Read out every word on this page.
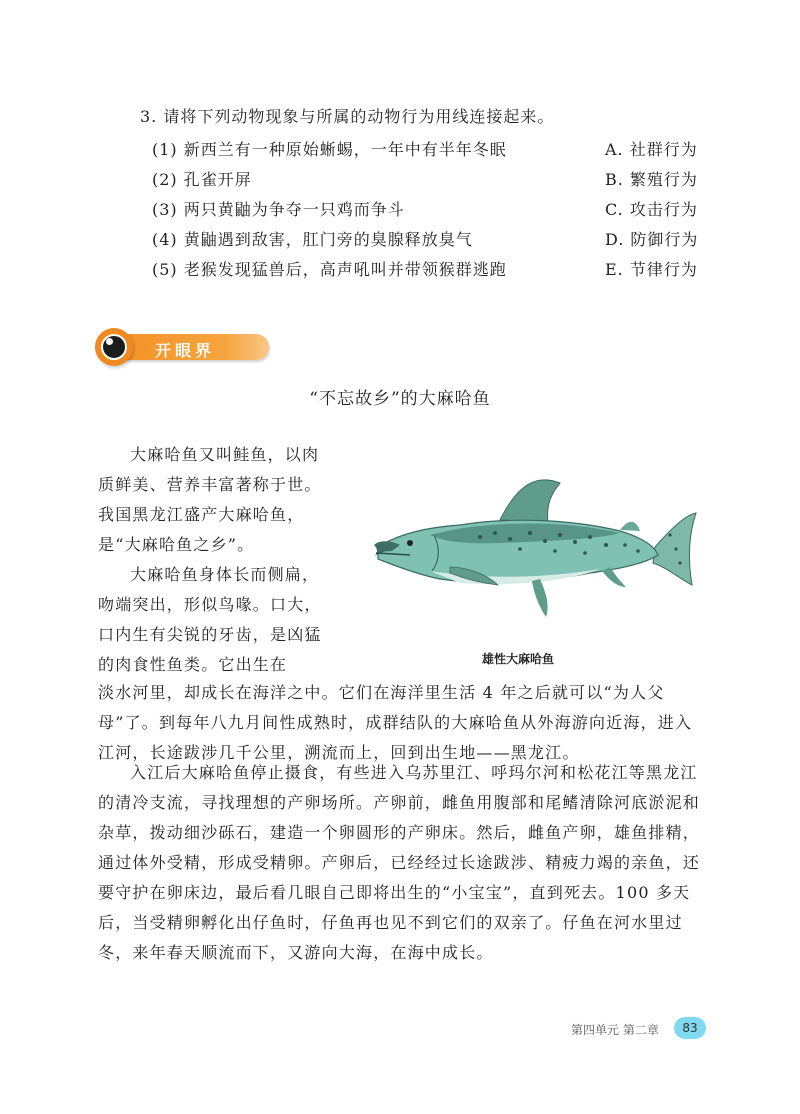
3. 请将下列动物现象与所属的动物行为用线连接起来。
(1) 新西兰有一种原始蜥蜴，一年中有半年冬眠
(2) 孔雀开屏
(3) 两只黄鼬为争夺一只鸡而争斗
(4) 黄鼬遇到敌害，肛门旁的臭腺释放臭气
(5) 老猴发现猛兽后，高声吼叫并带领猴群逃跑
A. 社群行为
B. 繁殖行为
C. 攻击行为
D. 防御行为
E. 节律行为
开眼界
“不忘故乡”的大麻哈鱼
大麻哈鱼又叫鲑鱼，以肉质鲜美、营养丰富著称于世。我国黑龙江盛产大麻哈鱼，是“大麻哈鱼之乡”。
大麻哈鱼身体长而侧扁，吻端突出，形似鸟喙。口大，口内生有尖锐的牙齿，是凶猛的肉食性鱼类。它出生在
淡水河里，却成长在海洋之中。它们在海洋里生活 4 年之后就可以“为人父母”了。到每年八九月间性成熟时，成群结队的大麻哈鱼从外海游向近海，进入江河，长途跋涉几千公里，溯流而上，回到出生地——黑龙江。
入江后大麻哈鱼停止摄食，有些进入乌苏里江、呼玛尔河和松花江等黑龙江的清冷支流，寻找理想的产卵场所。产卵前，雌鱼用腹部和尾鳍清除河底淤泥和杂草，拨动细沙砾石，建造一个卵圆形的产卵床。然后，雌鱼产卵，雄鱼排精，通过体外受精，形成受精卵。产卵后，已经经过长途跋涉、精疲力竭的亲鱼，还要守护在卵床边，最后看几眼自己即将出生的“小宝宝”，直到死去。100 多天后，当受精卵孵化出仔鱼时，仔鱼再也见不到它们的双亲了。仔鱼在河水里过冬，来年春天顺流而下，又游向大海，在海中成长。
雄性大麻哈鱼
第四单元 第二章	83
